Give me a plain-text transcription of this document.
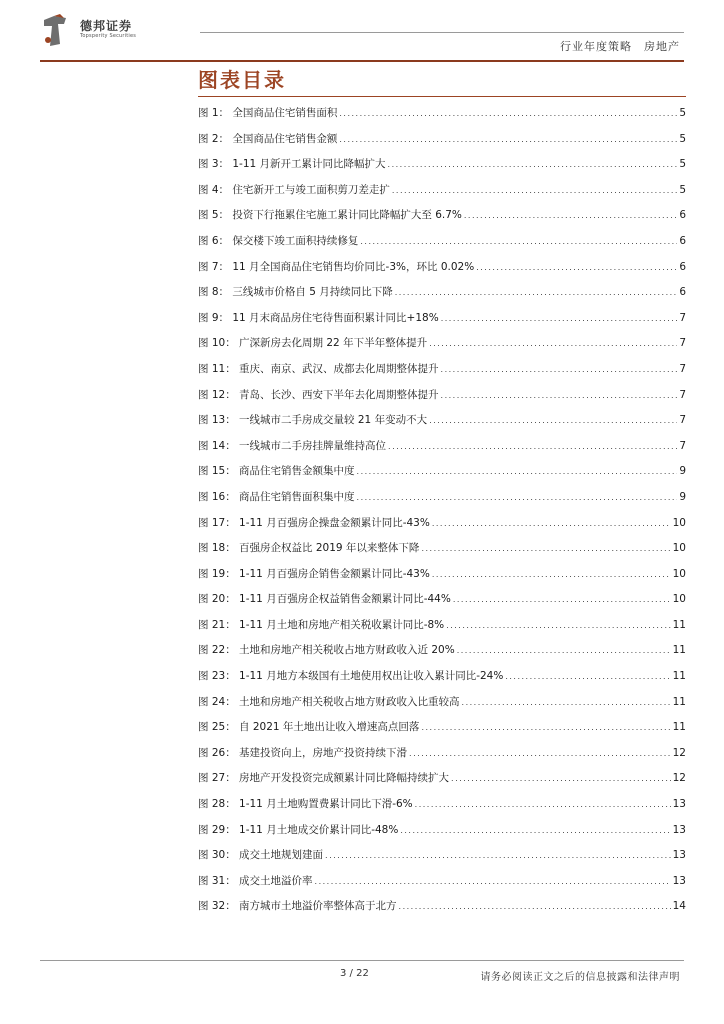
德邦证券
Topsperity Securities
行业年度策略　房地产
图表目录
图 1： 全国商品住宅销售面积 .....	5
图 2： 全国商品住宅销售金额 .....	5
图 3： 1-11 月新开工累计同比降幅扩大 .....	5
图 4： 住宅新开工与竣工面积剪刀差走扩 .....	5
图 5： 投资下行拖累住宅施工累计同比降幅扩大至 6.7% .....	6
图 6： 保交楼下竣工面积持续修复 .....	6
图 7： 11 月全国商品住宅销售均价同比-3%，环比 0.02% .....	6
图 8： 三线城市价格自 5 月持续同比下降 .....	6
图 9： 11 月末商品房住宅待售面积累计同比+18% .....	7
图 10： 广深新房去化周期 22 年下半年整体提升 .....	7
图 11： 重庆、南京、武汉、成都去化周期整体提升 .....	7
图 12： 青岛、长沙、西安下半年去化周期整体提升 .....	7
图 13： 一线城市二手房成交量较 21 年变动不大 .....	7
图 14： 一线城市二手房挂牌量维持高位 .....	7
图 15： 商品住宅销售金额集中度 .....	9
图 16： 商品住宅销售面积集中度 .....	9
图 17： 1-11 月百强房企操盘金额累计同比-43% .....	10
图 18： 百强房企权益比 2019 年以来整体下降 .....	10
图 19： 1-11 月百强房企销售金额累计同比-43% .....	10
图 20： 1-11 月百强房企权益销售金额累计同比-44% .....	10
图 21： 1-11 月土地和房地产相关税收累计同比-8% .....	11
图 22： 土地和房地产相关税收占地方财政收入近 20% .....	11
图 23： 1-11 月地方本级国有土地使用权出让收入累计同比-24% .....	11
图 24： 土地和房地产相关税收占地方财政收入比重较高 .....	11
图 25： 自 2021 年土地出让收入增速高点回落 .....	11
图 26： 基建投资向上，房地产投资持续下滑 .....	12
图 27： 房地产开发投资完成额累计同比降幅持续扩大 .....	12
图 28： 1-11 月土地购置费累计同比下滑-6% .....	13
图 29： 1-11 月土地成交价累计同比-48% .....	13
图 30： 成交土地规划建面 .....	13
图 31： 成交土地溢价率 .....	13
图 32： 南方城市土地溢价率整体高于北方 .....	14
3 / 22	请务必阅读正文之后的信息披露和法律声明
